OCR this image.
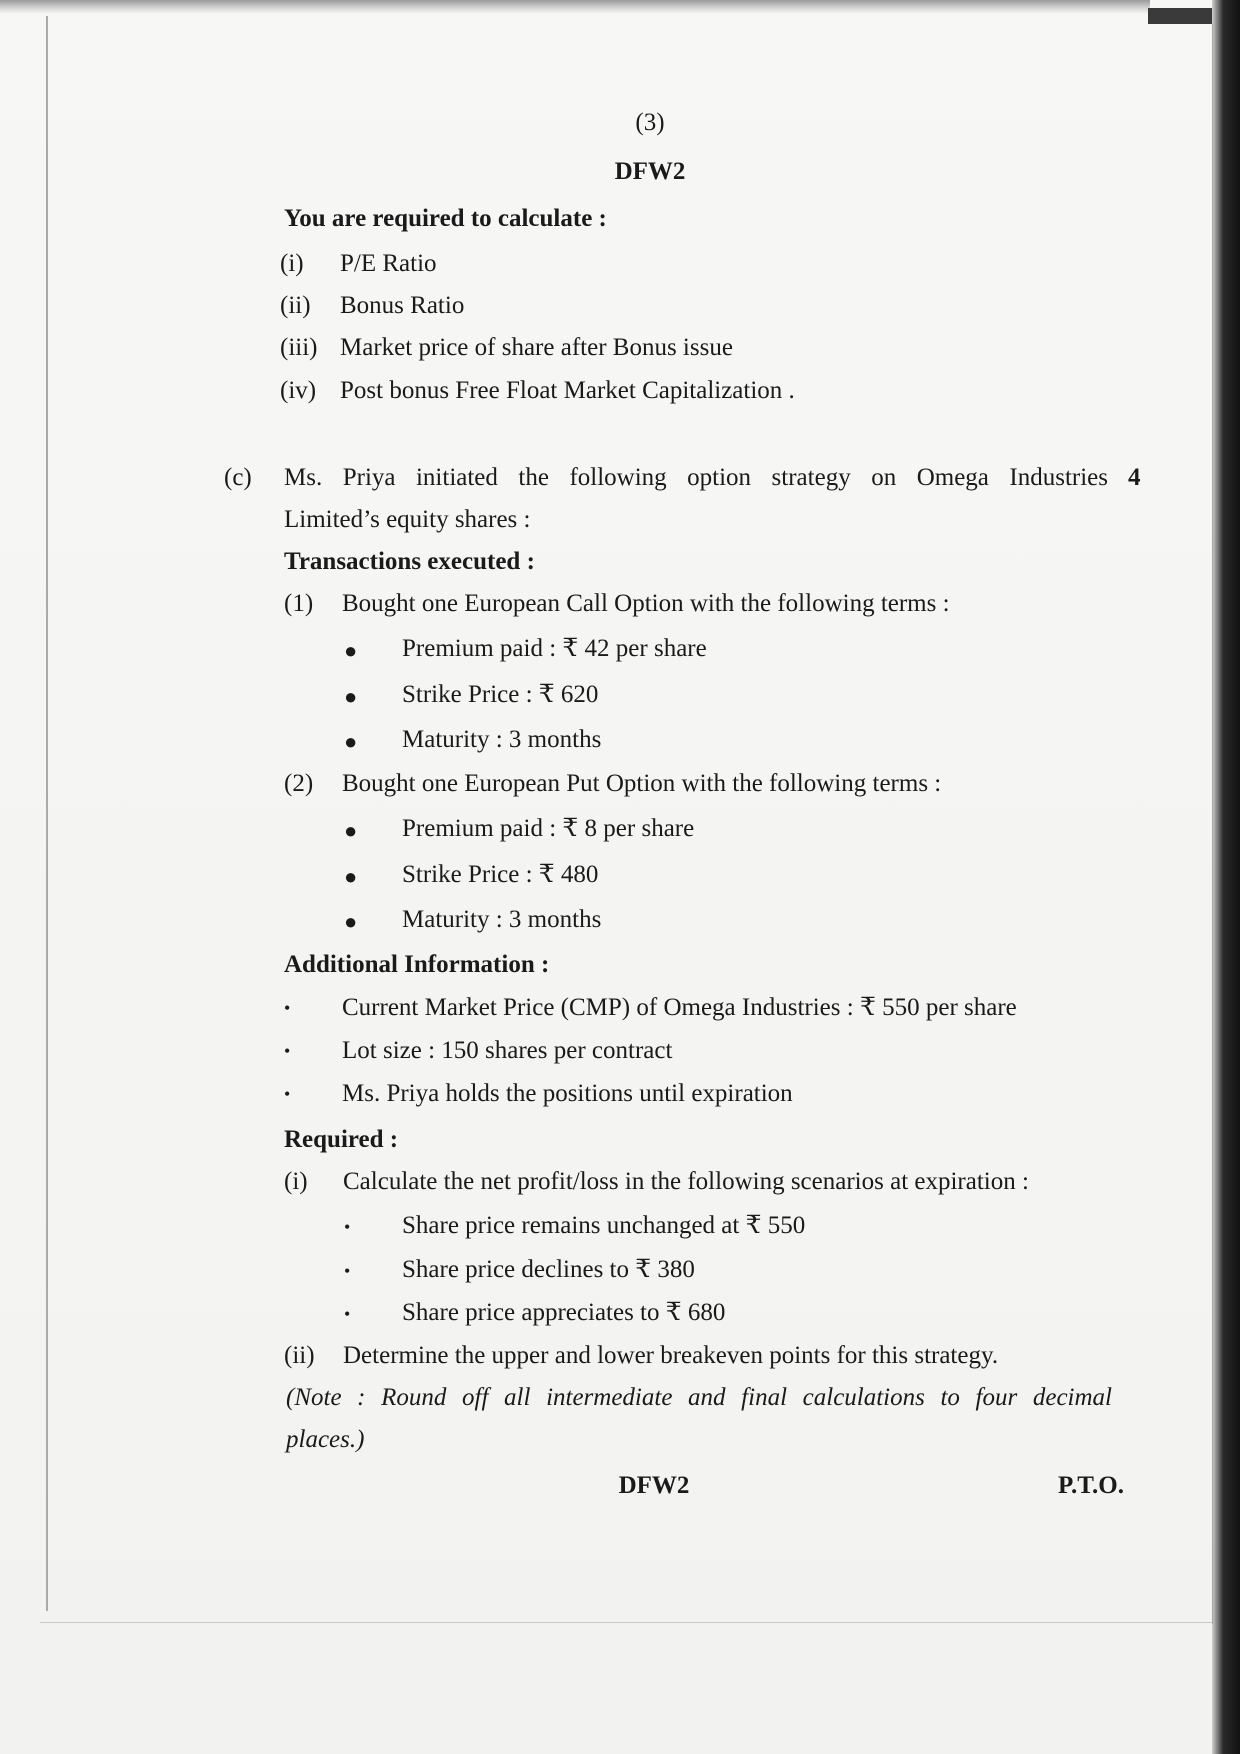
(3)
DFW2
You are required to calculate :
(i) P/E Ratio
(ii) Bonus Ratio
(iii) Market price of share after Bonus issue
(iv) Post bonus Free Float Market Capitalization .
(c) Ms. Priya initiated the following option strategy on Omega Industries 4
Limited’s equity shares :
Transactions executed :
(1) Bought one European Call Option with the following terms :
● Premium paid : ₹ 42 per share
● Strike Price : ₹ 620
● Maturity : 3 months
(2) Bought one European Put Option with the following terms :
● Premium paid : ₹ 8 per share
● Strike Price : ₹ 480
● Maturity : 3 months
Additional Information :
• Current Market Price (CMP) of Omega Industries : ₹ 550 per share
• Lot size : 150 shares per contract
• Ms. Priya holds the positions until expiration
Required :
(i) Calculate the net profit/loss in the following scenarios at expiration :
• Share price remains unchanged at ₹ 550
• Share price declines to ₹ 380
• Share price appreciates to ₹ 680
(ii) Determine the upper and lower breakeven points for this strategy.
(Note : Round off all intermediate and final calculations to four decimal
places.)
DFW2	P.T.O.
